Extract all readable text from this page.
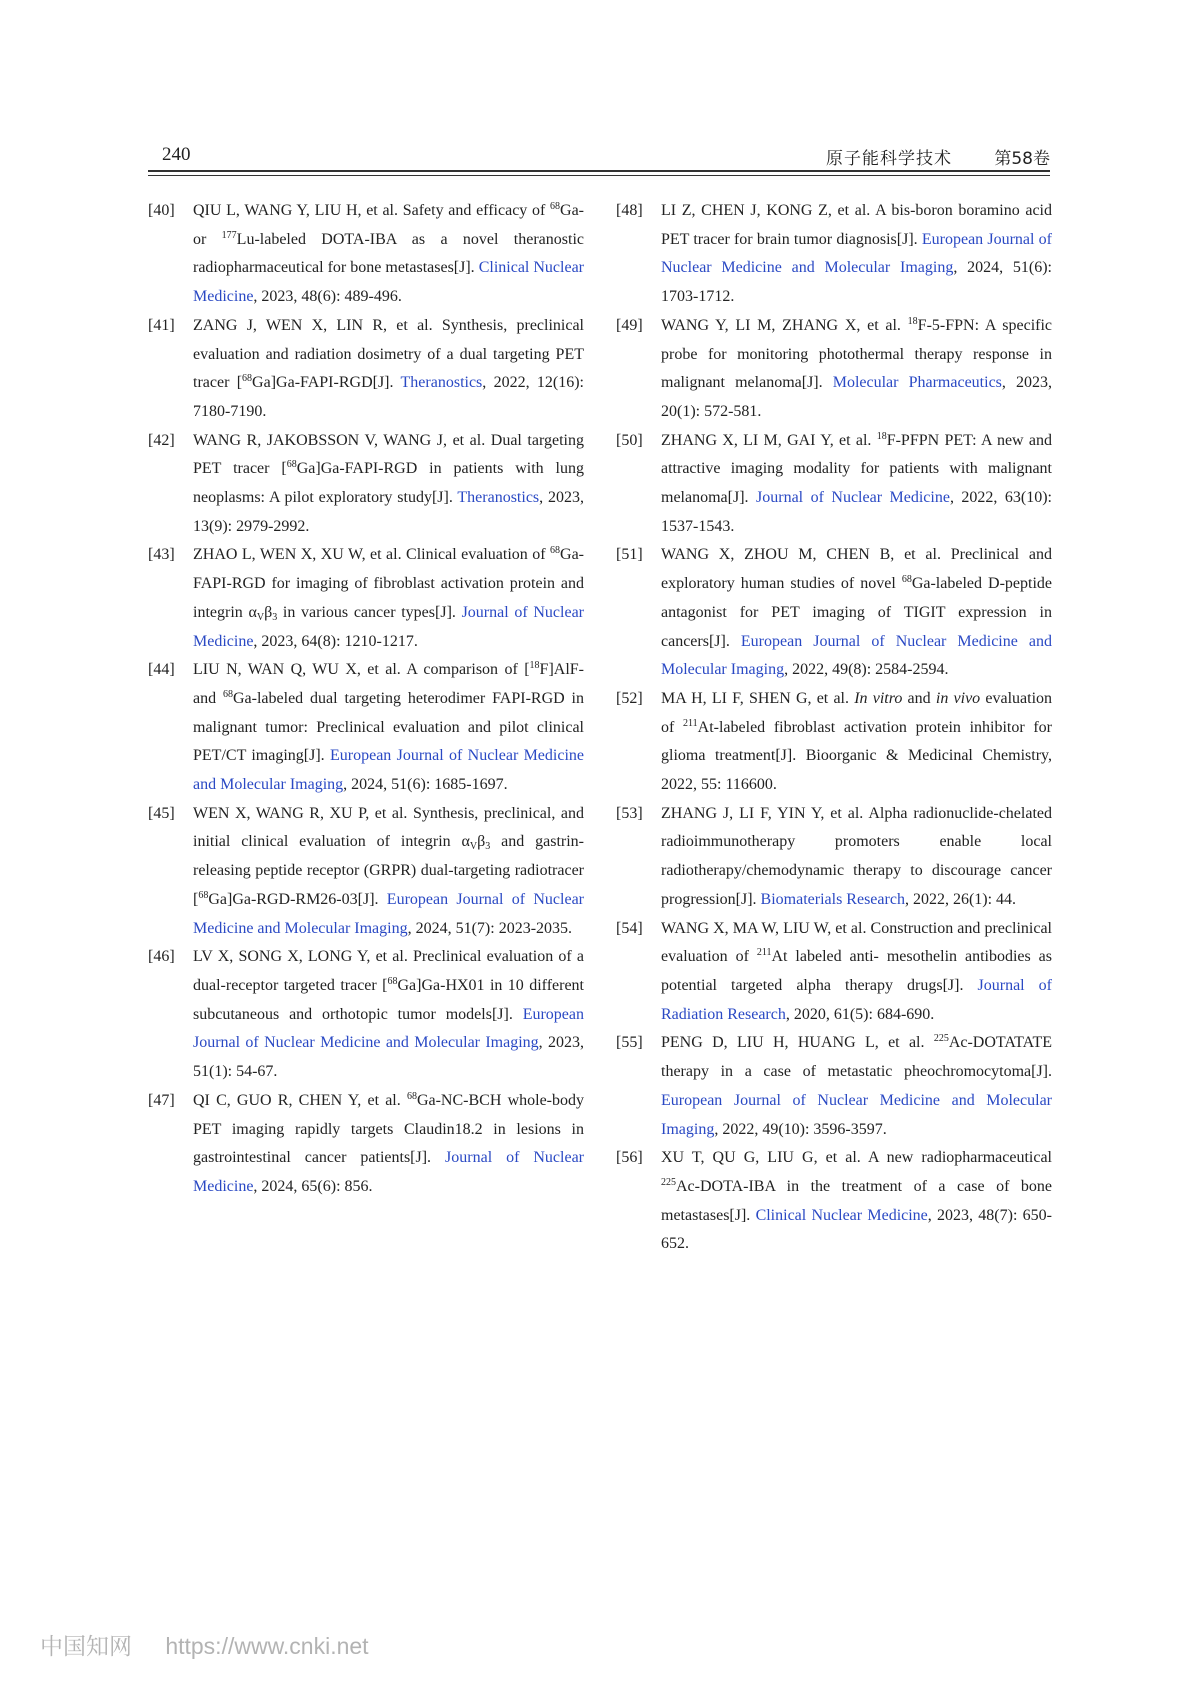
240	原子能科学技术 第58卷
[40]	QIU L, WANG Y, LIU H, et al. Safety and efficacy of $^{68}$Ga- or $^{177}$Lu-labeled DOTA-IBA as a novel theranostic radiopharmaceutical for bone metastases[J]. Clinical Nuclear Medicine, 2023, 48(6): 489-496.
[41]	ZANG J, WEN X, LIN R, et al. Synthesis, preclinical evaluation and radiation dosimetry of a dual targeting PET tracer [$^{68}$Ga]Ga-FAPI-RGD[J]. Theranostics, 2022, 12(16): 7180-7190.
[42]	WANG R, JAKOBSSON V, WANG J, et al. Dual targeting PET tracer [$^{68}$Ga]Ga-FAPI-RGD in patients with lung neoplasms: A pilot exploratory study[J]. Theranostics, 2023, 13(9): 2979-2992.
[43]	ZHAO L, WEN X, XU W, et al. Clinical evaluation of $^{68}$Ga-FAPI-RGD for imaging of fibroblast activation protein and integrin $\alpha_V\beta_3$ in various cancer types[J]. Journal of Nuclear Medicine, 2023, 64(8): 1210-1217.
[44]	LIU N, WAN Q, WU X, et al. A comparison of [$^{18}$F]AlF- and $^{68}$Ga-labeled dual targeting heterodimer FAPI-RGD in malignant tumor: Preclinical evaluation and pilot clinical PET/CT imaging[J]. European Journal of Nuclear Medicine and Molecular Imaging, 2024, 51(6): 1685-1697.
[45]	WEN X, WANG R, XU P, et al. Synthesis, preclinical, and initial clinical evaluation of integrin $\alpha_V\beta_3$ and gastrin-releasing peptide receptor (GRPR) dual-targeting radiotracer [$^{68}$Ga]Ga-RGD-RM26-03[J]. European Journal of Nuclear Medicine and Molecular Imaging, 2024, 51(7): 2023-2035.
[46]	LV X, SONG X, LONG Y, et al. Preclinical evaluation of a dual-receptor targeted tracer [$^{68}$Ga]Ga-HX01 in 10 different subcutaneous and orthotopic tumor models[J]. European Journal of Nuclear Medicine and Molecular Imaging, 2023, 51(1): 54-67.
[47]	QI C, GUO R, CHEN Y, et al. $^{68}$Ga-NC-BCH whole-body PET imaging rapidly targets Claudin18.2 in lesions in gastrointestinal cancer patients[J]. Journal of Nuclear Medicine, 2024, 65(6): 856.
[48]	LI Z, CHEN J, KONG Z, et al. A bis-boron boramino acid PET tracer for brain tumor diagnosis[J]. European Journal of Nuclear Medicine and Molecular Imaging, 2024, 51(6): 1703-1712.
[49]	WANG Y, LI M, ZHANG X, et al. $^{18}$F-5-FPN: A specific probe for monitoring photothermal therapy response in malignant melanoma[J]. Molecular Pharmaceutics, 2023, 20(1): 572-581.
[50]	ZHANG X, LI M, GAI Y, et al. $^{18}$F-PFPN PET: A new and attractive imaging modality for patients with malignant melanoma[J]. Journal of Nuclear Medicine, 2022, 63(10): 1537-1543.
[51]	WANG X, ZHOU M, CHEN B, et al. Preclinical and exploratory human studies of novel $^{68}$Ga-labeled D-peptide antagonist for PET imaging of TIGIT expression in cancers[J]. European Journal of Nuclear Medicine and Molecular Imaging, 2022, 49(8): 2584-2594.
[52]	MA H, LI F, SHEN G, et al. In vitro and in vivo evaluation of $^{211}$At-labeled fibroblast activation protein inhibitor for glioma treatment[J]. Bioorganic & Medicinal Chemistry, 2022, 55: 116600.
[53]	ZHANG J, LI F, YIN Y, et al. Alpha radionuclide-chelated radioimmunotherapy promoters enable local radiotherapy/chemodynamic therapy to discourage cancer progression[J]. Biomaterials Research, 2022, 26(1): 44.
[54]	WANG X, MA W, LIU W, et al. Construction and preclinical evaluation of $^{211}$At labeled anti- mesothelin antibodies as potential targeted alpha therapy drugs[J]. Journal of Radiation Research, 2020, 61(5): 684-690.
[55]	PENG D, LIU H, HUANG L, et al. $^{225}$Ac-DOTATATE therapy in a case of metastatic pheochromocytoma[J]. European Journal of Nuclear Medicine and Molecular Imaging, 2022, 49(10): 3596-3597.
[56]	XU T, QU G, LIU G, et al. A new radiopharmaceutical $^{225}$Ac-DOTA-IBA in the treatment of a case of bone metastases[J]. Clinical Nuclear Medicine, 2023, 48(7): 650-652.
中国知网 https://www.cnki.net
